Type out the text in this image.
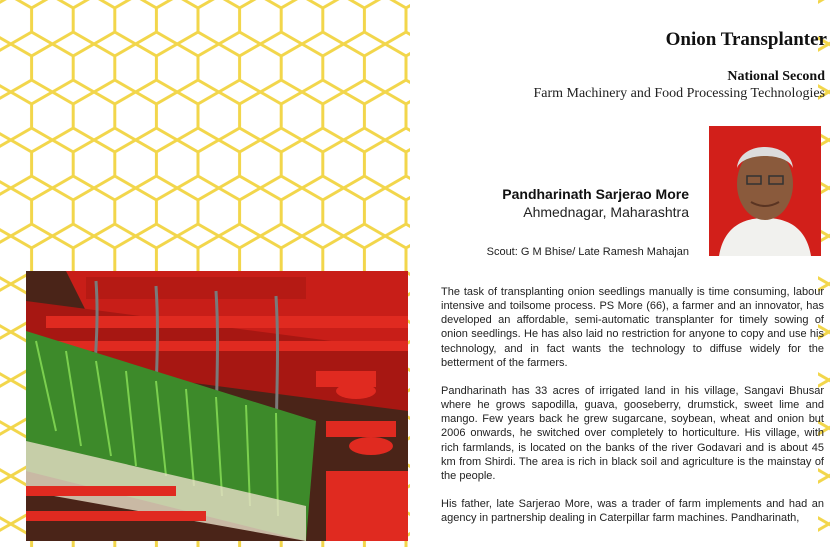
Onion Transplanter
National Second
Farm Machinery and Food Processing Technologies
Pandharinath Sarjerao More
Ahmednagar, Maharashtra
Scout: G M Bhise/ Late Ramesh Mahajan

The task of transplanting onion seedlings manually is time consuming, labour intensive and toilsome process. PS More (66), a farmer and an innovator, has developed an affordable, semi-automatic transplanter for timely sowing of onion seedlings. He has also laid no restriction for anyone to copy and use his technology, and in fact wants the technology to diffuse widely for the betterment of the farmers.

Pandharinath has 33 acres of irrigated land in his village, Sangavi Bhusar where he grows sapodilla, guava, gooseberry, drumstick, sweet lime and mango. Few years back he grew sugarcane, soybean, wheat and onion but 2006 onwards, he switched over completely to horticulture. His village, with rich farmlands, is located on the banks of the river Godavari and is about 45 km from Shirdi. The area is rich in black soil and agriculture is the mainstay of the people.

His father, late Sarjerao More, was a trader of farm implements and had an agency in partnership dealing in Caterpillar farm machines. Pandharinath,
